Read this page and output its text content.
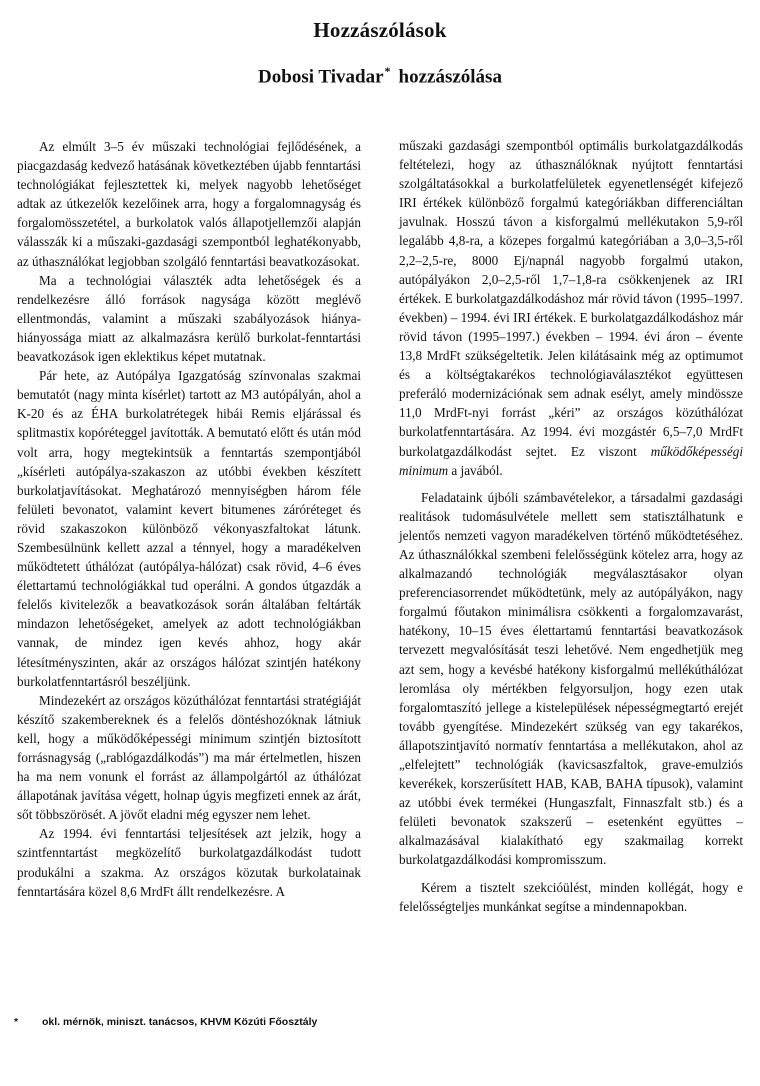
Hozzászólások
Dobosi Tivadar* hozzászólása

Az elmúlt 3–5 év műszaki technológiai fejlődésének, a piacgazdaság kedvező hatásának következtében újabb fenntartási technológiákat fejlesztettek ki, melyek nagyobb lehetőséget adtak az útkezelők kezelőinek arra, hogy a forgalomnagyság és forgalomösszetétel, a burkolatok valós állapotjellemzői alapján válasszák ki a műszaki-gazdasági szempontból leghatékonyabb, az úthasználókat legjobban szolgáló fenntartási beavatkozásokat.

Ma a technológiai választék adta lehetőségek és a rendelkezésre álló források nagysága között meglévő ellentmondás, valamint a műszaki szabályozások hiánya-hiányossága miatt az alkalmazásra kerülő burkolat-fenntartási beavatkozások igen eklektikus képet mutatnak.

Pár hete, az Autópálya Igazgatóság színvonalas szakmai bemutatót (nagy minta kísérlet) tartott az M3 autópályán, ahol a K-20 és az ÉHA burkolatrétegek hibái Remis eljárással és splitmastix kopóréteggel javították. A bemutató előtt és után mód volt arra, hogy megtekintsük a fenntartás szempontjából „kísérleti autópálya-szakaszon az utóbbi években készített burkolatjavításokat. Meghatározó mennyiségben három féle felületi bevonatot, valamint kevert bitumenes záróréteget és rövid szakaszokon különböző vékonyaszfaltokat látunk. Szembesülnünk kellett azzal a ténnyel, hogy a maradékelven működtetett úthálózat (autópálya-hálózat) csak rövid, 4–6 éves élettartamú technológiákkal tud operálni. A gondos útgazdák a felelős kivitelezők a beavatkozások során általában feltárták mindazon lehetőségeket, amelyek az adott technológiákban vannak, de mindez igen kevés ahhoz, hogy akár létesítményszinten, akár az országos hálózat szintjén hatékony burkolatfenntartásról beszéljünk.

Mindezekért az országos közúthálózat fenntartási stratégiáját készítő szakembereknek és a felelős döntéshozóknak látniuk kell, hogy a működőképességi minimum szintjén biztosított forrásnagyság („rablógazdálkodás”) ma már értelmetlen, hiszen ha ma nem vonunk el forrást az állampolgártól az úthálózat állapotának javítása végett, holnap úgyis megfizeti ennek az árát, sőt többszörösét. A jövőt eladni még egyszer nem lehet.

Az 1994. évi fenntartási teljesítések azt jelzik, hogy a szintfenntartást megközelítő burkolatgazdálkodást tudott produkálni a szakma. Az országos közutak burkolatainak fenntartására közel 8,6 MrdFt állt rendelkezésre. A

műszaki gazdasági szempontból optimális burkolatgazdálkodás feltételezi, hogy az úthasználóknak nyújtott fenntartási szolgáltatásokkal a burkolatfelületek egyenetlenségét kifejező IRI értékek különböző forgalmú kategóriákban differenciáltan javulnak. Hosszú távon a kisforgalmú mellékutakon 5,9-ről legalább 4,8-ra, a közepes forgalmú kategóriában a 3,0–3,5-ről 2,2–2,5-re, 8000 Ej/napnál nagyobb forgalmú utakon, autópályákon 2,0–2,5-ről 1,7–1,8-ra csökkenjenek az IRI értékek. E burkolatgazdálkodáshoz már rövid távon (1995–1997. években) – 1994. évi IRI értékek. E burkolatgazdálkodáshoz már rövid távon (1995–1997.) években – 1994. évi áron – évente 13,8 MrdFt szükségeltetik. Jelen kilátásaink még az optimumot és a költségtakarékos technológiaválasztékot együttesen preferáló modernizációnak sem adnak esélyt, amely mindössze 11,0 MrdFt-nyi forrást „kéri” az országos közúthálózat burkolatfenntartására. Az 1994. évi mozgástér 6,5–7,0 MrdFt burkolatgazdálkodást sejtet. Ez viszont működőképességi minimum a javából.

Feladataink újbóli számbavételekor, a társadalmi gazdasági realitások tudomásulvétele mellett sem statisztálhatunk e jelentős nemzeti vagyon maradékelven történő működtetéséhez. Az úthasználókkal szembeni felelősségünk kötelez arra, hogy az alkalmazandó technológiák megválasztásakor olyan preferenciasorrendet működtetünk, mely az autópályákon, nagy forgalmú főutakon minimálisra csökkenti a forgalomzavarást, hatékony, 10–15 éves élettartamú fenntartási beavatkozások tervezett megvalósítását teszi lehetővé. Nem engedhetjük meg azt sem, hogy a kevésbé hatékony kisforgalmú mellékúthálózat leromlása oly mértékben felgyorsuljon, hogy ezen utak forgalomtaszító jellege a kistelepülések népességmegtartó erejét tovább gyengítése. Mindezekért szükség van egy takarékos, állapotszintjavító normatív fenntartása a mellékutakon, ahol az „elfelejtett” technológiák (kavicsaszfaltok, grave-emulziós keverékek, korszerűsített HAB, KAB, BAHA típusok), valamint az utóbbi évek termékei (Hungaszfalt, Finnaszfalt stb.) és a felületi bevonatok szakszerű – esetenként együttes – alkalmazásával kialakítható egy szakmailag korrekt burkolatgazdálkodási kompromisszum.

Kérem a tisztelt szekcióülést, minden kollégát, hogy e felelősségteljes munkánkat segítse a mindennapokban.

* okl. mérnök, miniszt. tanácsos, KHVM Közúti Főosztály
